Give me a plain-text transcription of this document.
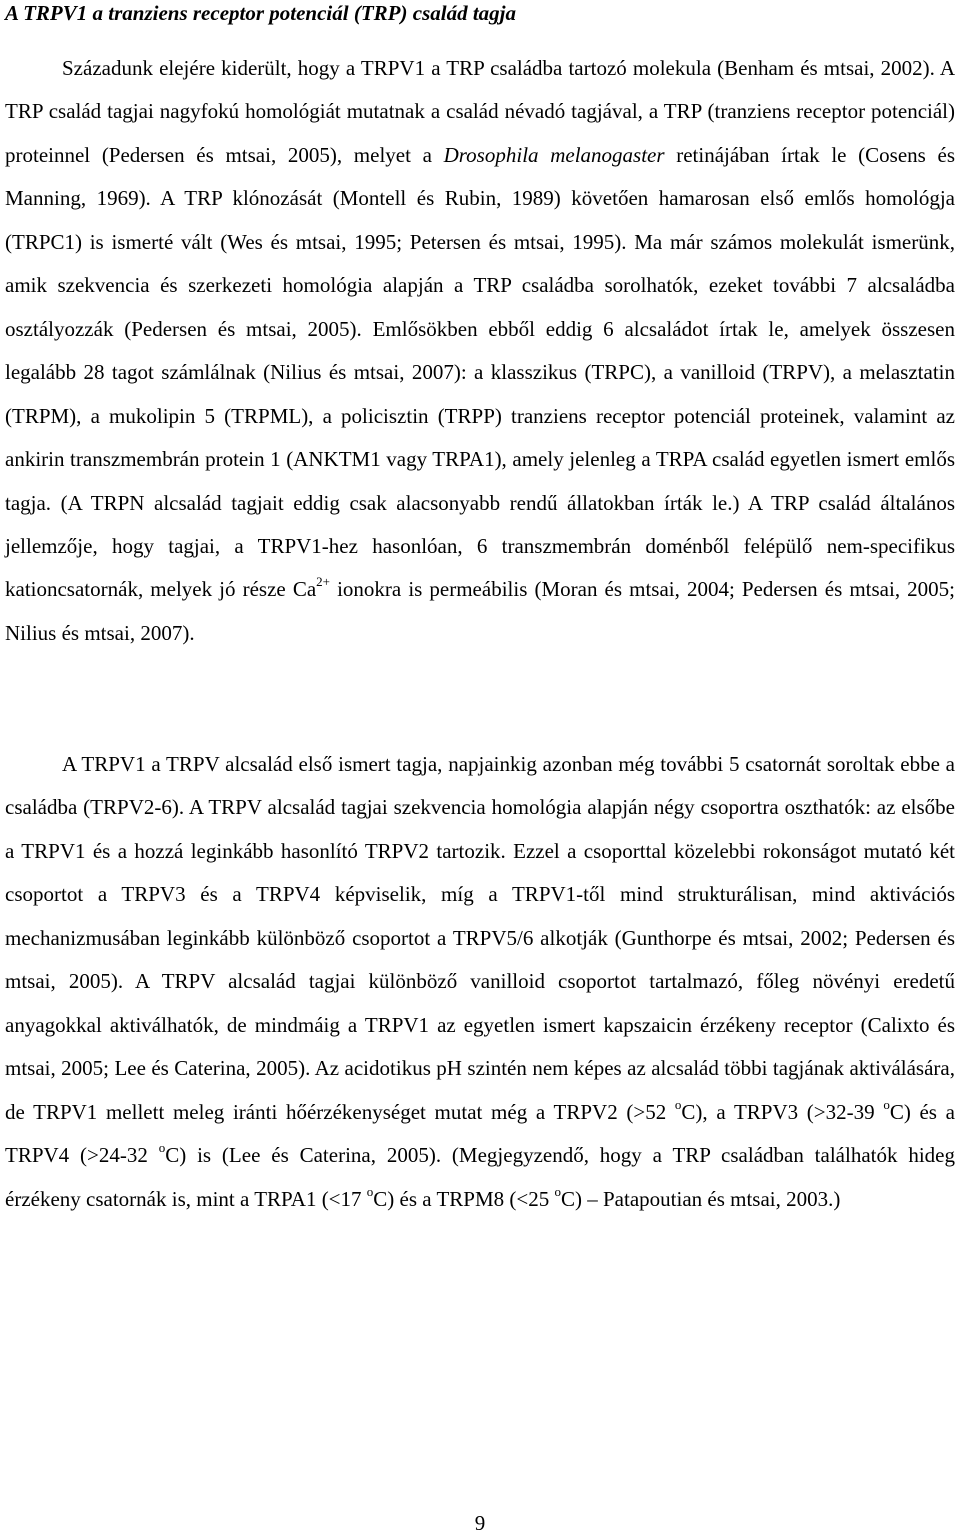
A TRPV1 a tranziens receptor potenciál (TRP) család tagja

Századunk elejére kiderült, hogy a TRPV1 a TRP családba tartozó molekula (Benham és mtsai, 2002). A TRP család tagjai nagyfokú homológiát mutatnak a család névadó tagjával, a TRP (tranziens receptor potenciál) proteinnel (Pedersen és mtsai, 2005), melyet a Drosophila melanogaster retinájában írtak le (Cosens és Manning, 1969). A TRP klónozását (Montell és Rubin, 1989) követően hamarosan első emlős homológja (TRPC1) is ismerté vált (Wes és mtsai, 1995; Petersen és mtsai, 1995). Ma már számos molekulát ismerünk, amik szekvencia és szerkezeti homológia alapján a TRP családba sorolhatók, ezeket további 7 alcsaládba osztályozzák (Pedersen és mtsai, 2005). Emlősökben ebből eddig 6 alcsaládot írtak le, amelyek összesen legalább 28 tagot számlálnak (Nilius és mtsai, 2007): a klasszikus (TRPC), a vanilloid (TRPV), a melasztatin (TRPM), a mukolipin 5 (TRPML), a policisztin (TRPP) tranziens receptor potenciál proteinek, valamint az ankirin transzmembrán protein 1 (ANKTM1 vagy TRPA1), amely jelenleg a TRPA család egyetlen ismert emlős tagja. (A TRPN alcsalád tagjait eddig csak alacsonyabb rendű állatokban írták le.) A TRP család általános jellemzője, hogy tagjai, a TRPV1-hez hasonlóan, 6 transzmembrán doménből felépülő nem-specifikus kationcsatornák, melyek jó része $Ca^{2+}$ ionokra is permeábilis (Moran és mtsai, 2004; Pedersen és mtsai, 2005; Nilius és mtsai, 2007).

A TRPV1 a TRPV alcsalád első ismert tagja, napjainkig azonban még további 5 csatornát soroltak ebbe a családba (TRPV2-6). A TRPV alcsalád tagjai szekvencia homológia alapján négy csoportra oszthatók: az elsőbe a TRPV1 és a hozzá leginkább hasonlító TRPV2 tartozik. Ezzel a csoporttal közelebbi rokonságot mutató két csoportot a TRPV3 és a TRPV4 képviselik, míg a TRPV1-től mind strukturálisan, mind aktivációs mechanizmusában leginkább különböző csoportot a TRPV5/6 alkotják (Gunthorpe és mtsai, 2002; Pedersen és mtsai, 2005). A TRPV alcsalád tagjai különböző vanilloid csoportot tartalmazó, főleg növényi eredetű anyagokkal aktiválhatók, de mindmáig a TRPV1 az egyetlen ismert kapszaicin érzékeny receptor (Calixto és mtsai, 2005; Lee és Caterina, 2005). Az acidotikus pH szintén nem képes az alcsalád többi tagjának aktiválására, de TRPV1 mellett meleg iránti hőérzékenységet mutat még a TRPV2 (>52 $^o$C), a TRPV3 (>32-39 $^o$C) és a TRPV4 (>24-32 $^o$C) is (Lee és Caterina, 2005). (Megjegyzendő, hogy a TRP családban találhatók hideg érzékeny csatornák is, mint a TRPA1 (<17 $^o$C) és a TRPM8 (<25 $^o$C) – Patapoutian és mtsai, 2003.)

9
